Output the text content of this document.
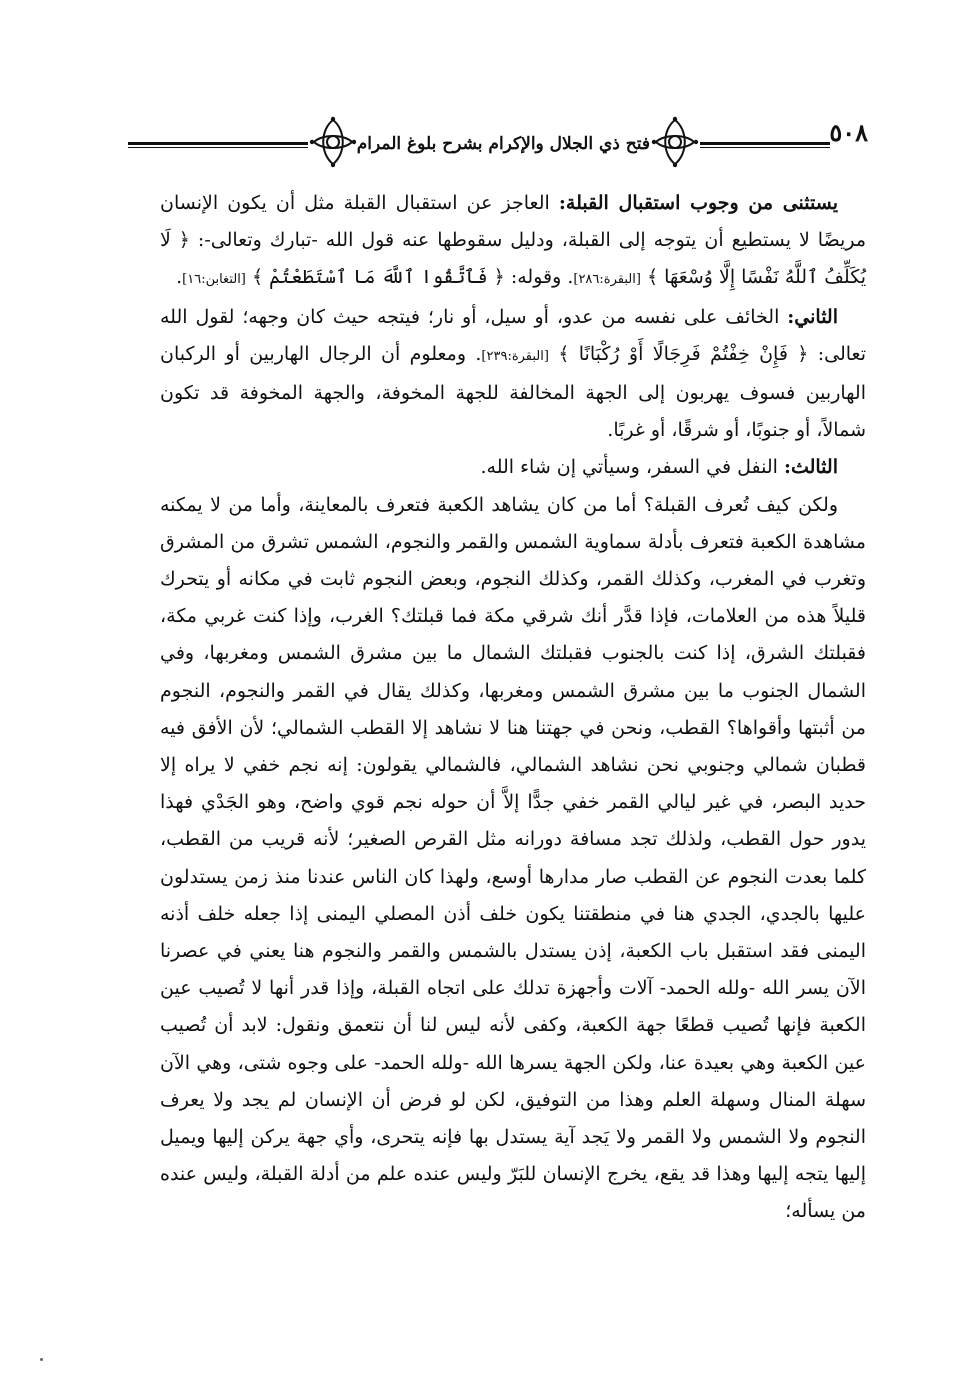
فتح ذي الجلال والإكرام بشرح بلوغ المرام	٥٠٨

يستثنى من وجوب استقبال القبلة: العاجز عن استقبال القبلة مثل أن يكون الإنسان مريضًا لا يستطيع أن يتوجه إلى القبلة، ودليل سقوطها عنه قول الله -تبارك وتعالى-: ﴿ لَا يُكَلِّفُ ٱللَّهُ نَفْسًا إِلَّا وُسْعَهَا ﴾ [البقرة:٢٨٦]. وقوله: ﴿ فَٱتَّقُوا ٱللَّهَ مَا ٱسْتَطَعْتُمْ ﴾ [التغابن:١٦].

الثاني: الخائف على نفسه من عدو، أو سيل، أو نار؛ فيتجه حيث كان وجهه؛ لقول الله تعالى: ﴿ فَإِنْ خِفْتُمْ فَرِجَالًا أَوْ رُكْبَانًا ﴾ [البقرة:٢٣٩]. ومعلوم أن الرجال الهاربين أو الركبان الهاربين فسوف يهربون إلى الجهة المخالفة للجهة المخوفة، والجهة المخوفة قد تكون شمالاً، أو جنوبًا، أو شرقًا، أو غربًا.

الثالث: النفل في السفر، وسيأتي إن شاء الله.

ولكن كيف تُعرف القبلة؟ أما من كان يشاهد الكعبة فتعرف بالمعاينة، وأما من لا يمكنه مشاهدة الكعبة فتعرف بأدلة سماوية الشمس والقمر والنجوم، الشمس تشرق من المشرق وتغرب في المغرب، وكذلك القمر، وكذلك النجوم، وبعض النجوم ثابت في مكانه أو يتحرك قليلاً هذه من العلامات، فإذا قدَّر أنك شرقي مكة فما قبلتك؟ الغرب، وإذا كنت غربي مكة، فقبلتك الشرق، إذا كنت بالجنوب فقبلتك الشمال ما بين مشرق الشمس ومغربها، وفي الشمال الجنوب ما بين مشرق الشمس ومغربها، وكذلك يقال في القمر والنجوم، النجوم من أثبتها وأقواها؟ القطب، ونحن في جهتنا هنا لا نشاهد إلا القطب الشمالي؛ لأن الأفق فيه قطبان شمالي وجنوبي نحن نشاهد الشمالي، فالشمالي يقولون: إنه نجم خفي لا يراه إلا حديد البصر، في غير ليالي القمر خفي جدًّا إلاَّ أن حوله نجم قوي واضح، وهو الجَدْي فهذا يدور حول القطب، ولذلك تجد مسافة دورانه مثل القرص الصغير؛ لأنه قريب من القطب، كلما بعدت النجوم عن القطب صار مدارها أوسع، ولهذا كان الناس عندنا منذ زمن يستدلون عليها بالجدي، الجدي هنا في منطقتنا يكون خلف أذن المصلي اليمنى إذا جعله خلف أذنه اليمنى فقد استقبل باب الكعبة، إذن يستدل بالشمس والقمر والنجوم هنا يعني في عصرنا الآن يسر الله -ولله الحمد- آلات وأجهزة تدلك على اتجاه القبلة، وإذا قدر أنها لا تُصيب عين الكعبة فإنها تُصيب قطعًا جهة الكعبة، وكفى لأنه ليس لنا أن نتعمق ونقول: لابد أن تُصيب عين الكعبة وهي بعيدة عنا، ولكن الجهة يسرها الله -ولله الحمد- على وجوه شتى، وهي الآن سهلة المنال وسهلة العلم وهذا من التوفيق، لكن لو فرض أن الإنسان لم يجد ولا يعرف النجوم ولا الشمس ولا القمر ولا يَجد آية يستدل بها فإنه يتحرى، وأي جهة يركن إليها ويميل إليها يتجه إليها وهذا قد يقع، يخرج الإنسان للبَرّ وليس عنده علم من أدلة القبلة، وليس عنده من يسأله؛
